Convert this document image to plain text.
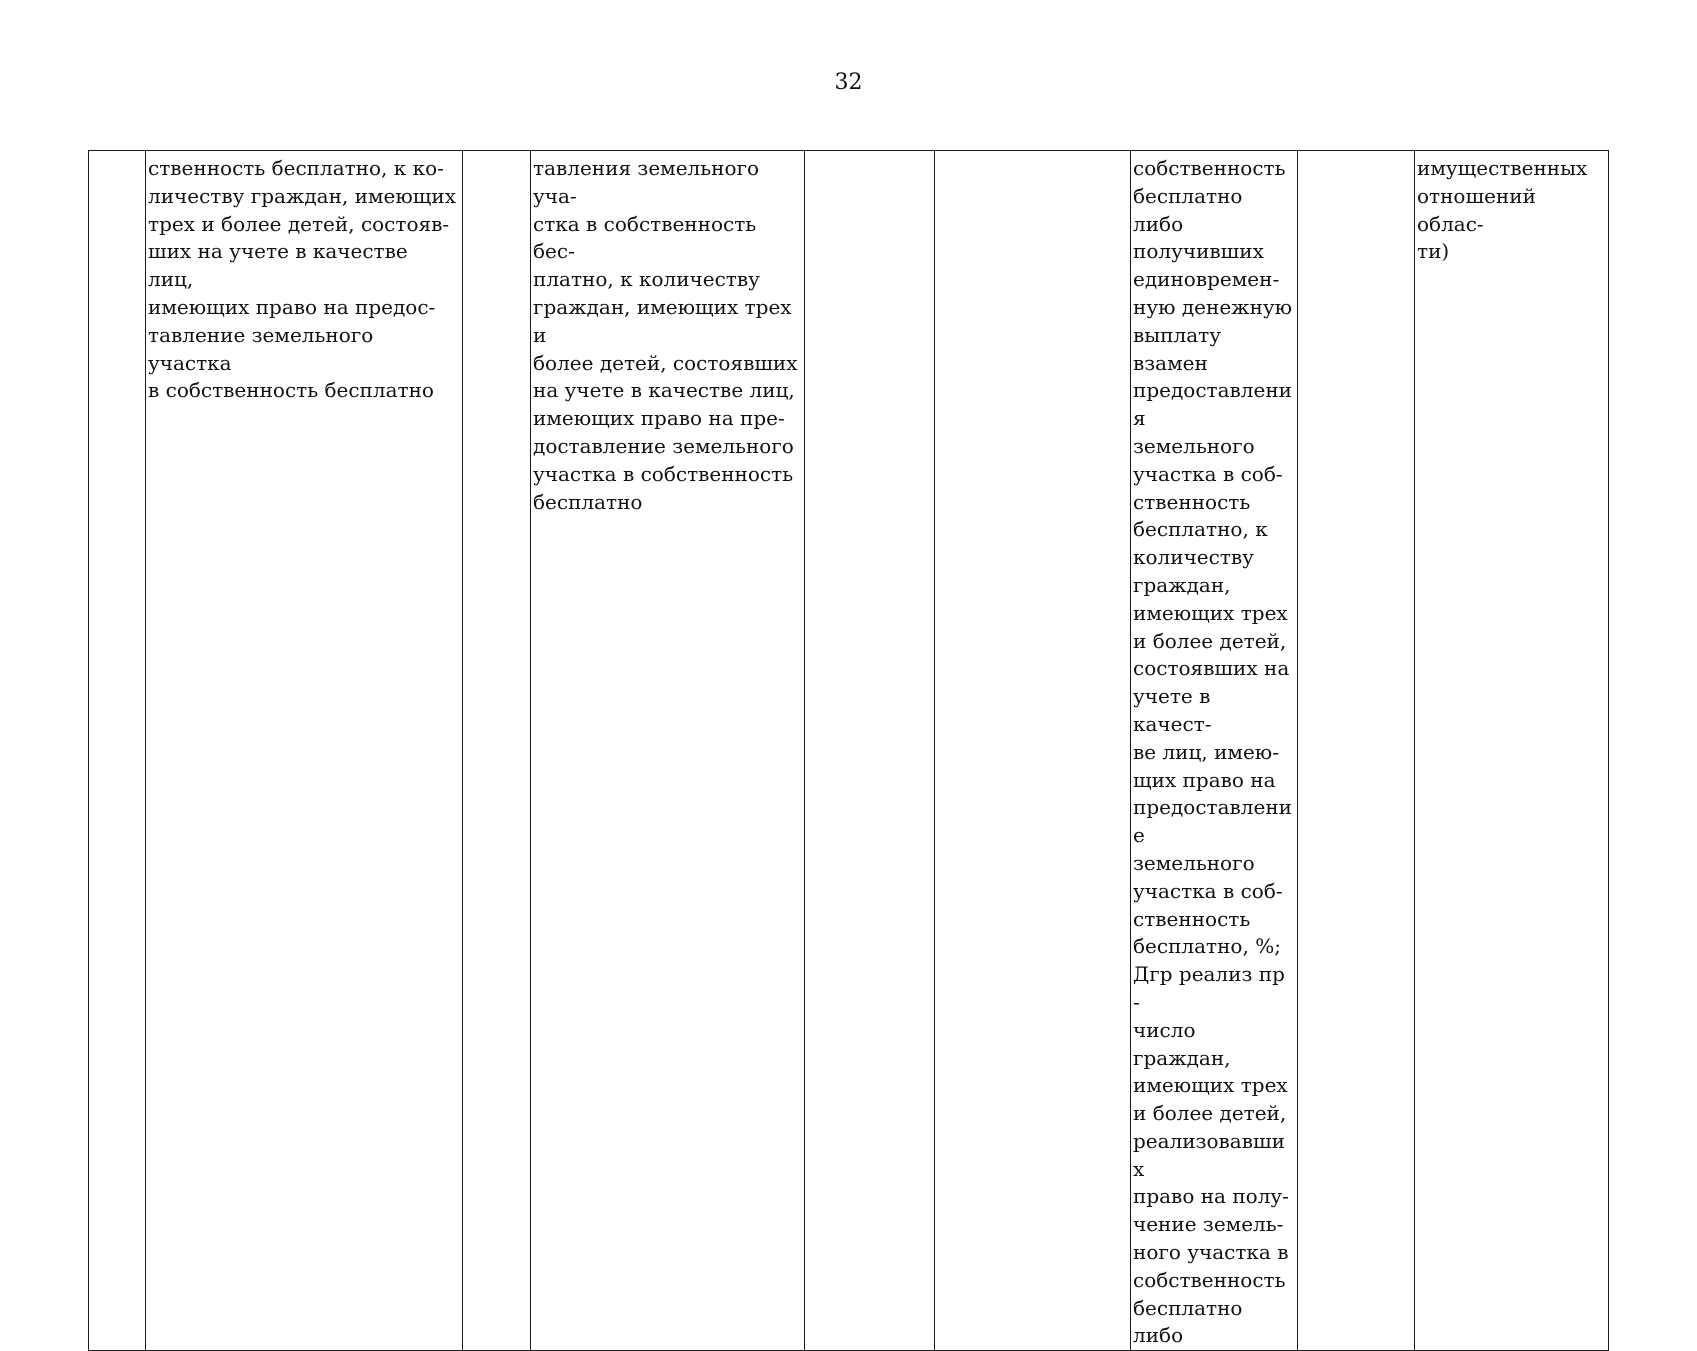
32

ственность бесплатно, к ко-
личеству граждан, имеющих
трех и более детей, состояв-
ших на учете в качестве лиц,
имеющих право на предос-
тавление земельного участка
в собственность бесплатно

тавления земельного уча-
стка в собственность бес-
платно, к количеству
граждан, имеющих трех и
более детей, состоявших
на учете в качестве лиц,
имеющих право на пре-
доставление земельного
участка в собственность
бесплатно

собственность
бесплатно либо
получивших
единовремен-
ную денежную
выплату взамен
предоставления
земельного
участка в соб-
ственность
бесплатно, к
количеству
граждан,
имеющих трех
и более детей,
состоявших на
учете в качест-
ве лиц, имею-
щих право на
предоставление
земельного
участка в соб-
ственность
бесплатно, %;
Дгр реализ пр -
число граждан,
имеющих трех
и более детей,
реализовавших
право на полу-
чение земель-
ного участка в
собственность
бесплатно либо

имущественных
отношений облас-
ти)
